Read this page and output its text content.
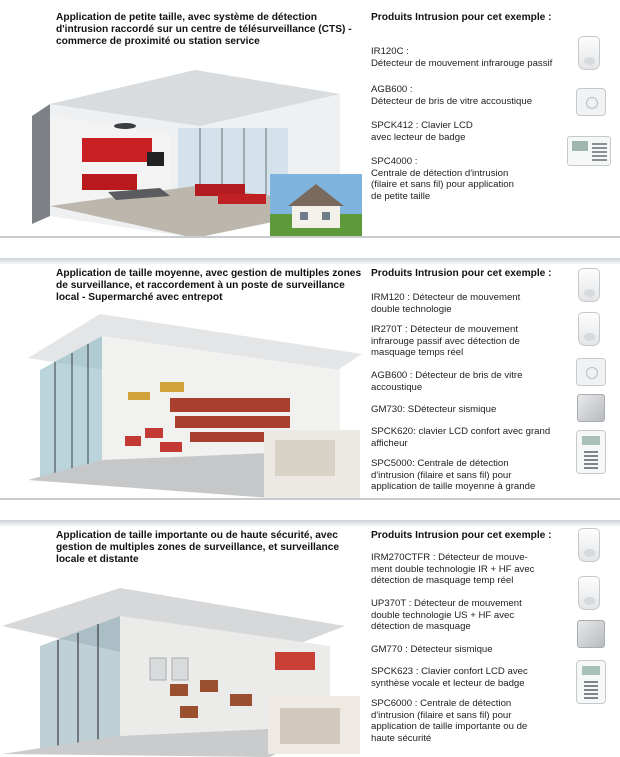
Application de petite taille, avec système de détection d'intrusion raccordé sur un centre de télésurveillance (CTS) - commerce de proximité ou station service
Produits Intrusion pour cet exemple :
IR120C :
Détecteur de mouvement infrarouge passif
AGB600 :
Détecteur de bris de vitre accoustique
SPCK412 : Clavier LCD
avec lecteur de badge
SPC4000 :
Centrale de détection d'intrusion
(filaire et sans fil) pour application
de petite taille
Application de taille moyenne, avec gestion de multiples zones de surveillance, et raccordement à un poste de surveillance local - Supermarché avec entrepot
Produits Intrusion pour cet exemple :
IRM120 : Détecteur de mouvement
double technologie
IR270T : Détecteur de mouvement
infrarouge passif avec détection de
masquage temps réel
AGB600 : Détecteur de bris de vitre
accoustique
GM730: SDétecteur sismique
SPCK620: clavier LCD confort avec grand
afficheur
SPC5000: Centrale de détection
d'intrusion (filaire et sans fil) pour
application de taille moyenne à grande
Application de taille importante ou de haute sécurité, avec gestion de multiples zones de surveillance, et surveillance locale et distante
Produits Intrusion pour cet exemple :
IRM270CTFR : Détecteur de mouve-
ment double technologie IR + HF avec
détection de masquage temp réel
UP370T : Détecteur de mouvement
double technologie US + HF avec
détection de masquage
GM770 : Détecteur sismique
SPCK623 : Clavier confort LCD avec
synthèse vocale et lecteur de badge
SPC6000 : Centrale de détection
d'intrusion (filaire et sans fil) pour
application de taille importante ou de
haute sécurité
